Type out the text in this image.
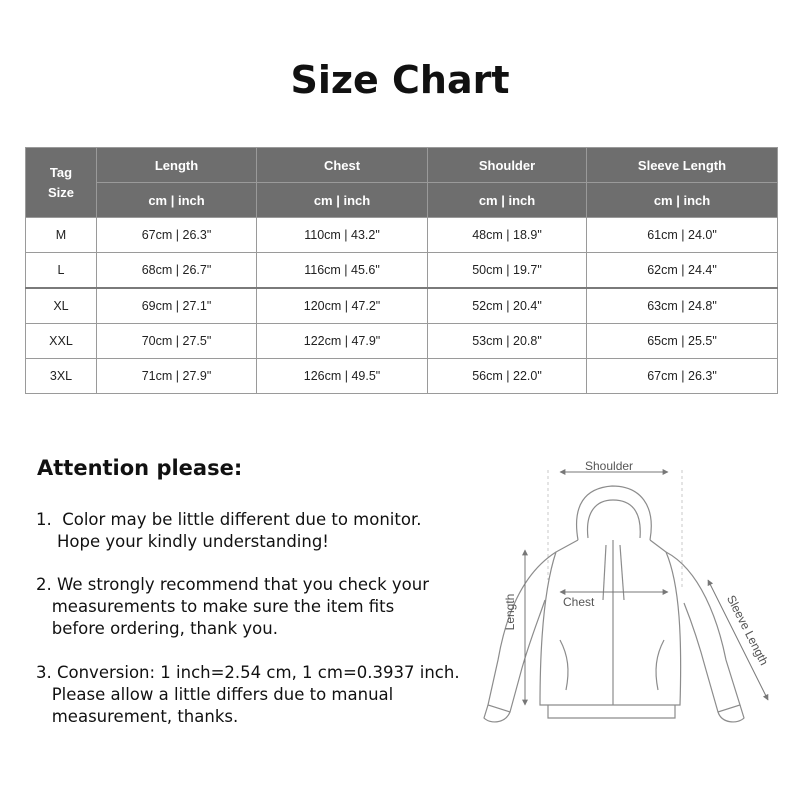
Size Chart
Tag
Size	Length	Chest	Shoulder	Sleeve Length
	cm | inch	cm | inch	cm | inch	cm | inch
M	67cm | 26.3"	110cm | 43.2"	48cm | 18.9"	61cm | 24.0"
L	68cm | 26.7"	116cm | 45.6"	50cm | 19.7"	62cm | 24.4"
XL	69cm | 27.1"	120cm | 47.2"	52cm | 20.4"	63cm | 24.8"
XXL	70cm | 27.5"	122cm | 47.9"	53cm | 20.8"	65cm | 25.5"
3XL	71cm | 27.9"	126cm | 49.5"	56cm | 22.0"	67cm | 26.3"
Attention please:
1.  Color may be little different due to monitor.
Hope your kindly understanding!
2. We strongly recommend that you check your
measurements to make sure the item fits
before ordering, thank you.
3. Conversion: 1 inch=2.54 cm, 1 cm=0.3937 inch.
Please allow a little differs due to manual
measurement, thanks.
Shoulder
Length	Chest	Sleeve Length
